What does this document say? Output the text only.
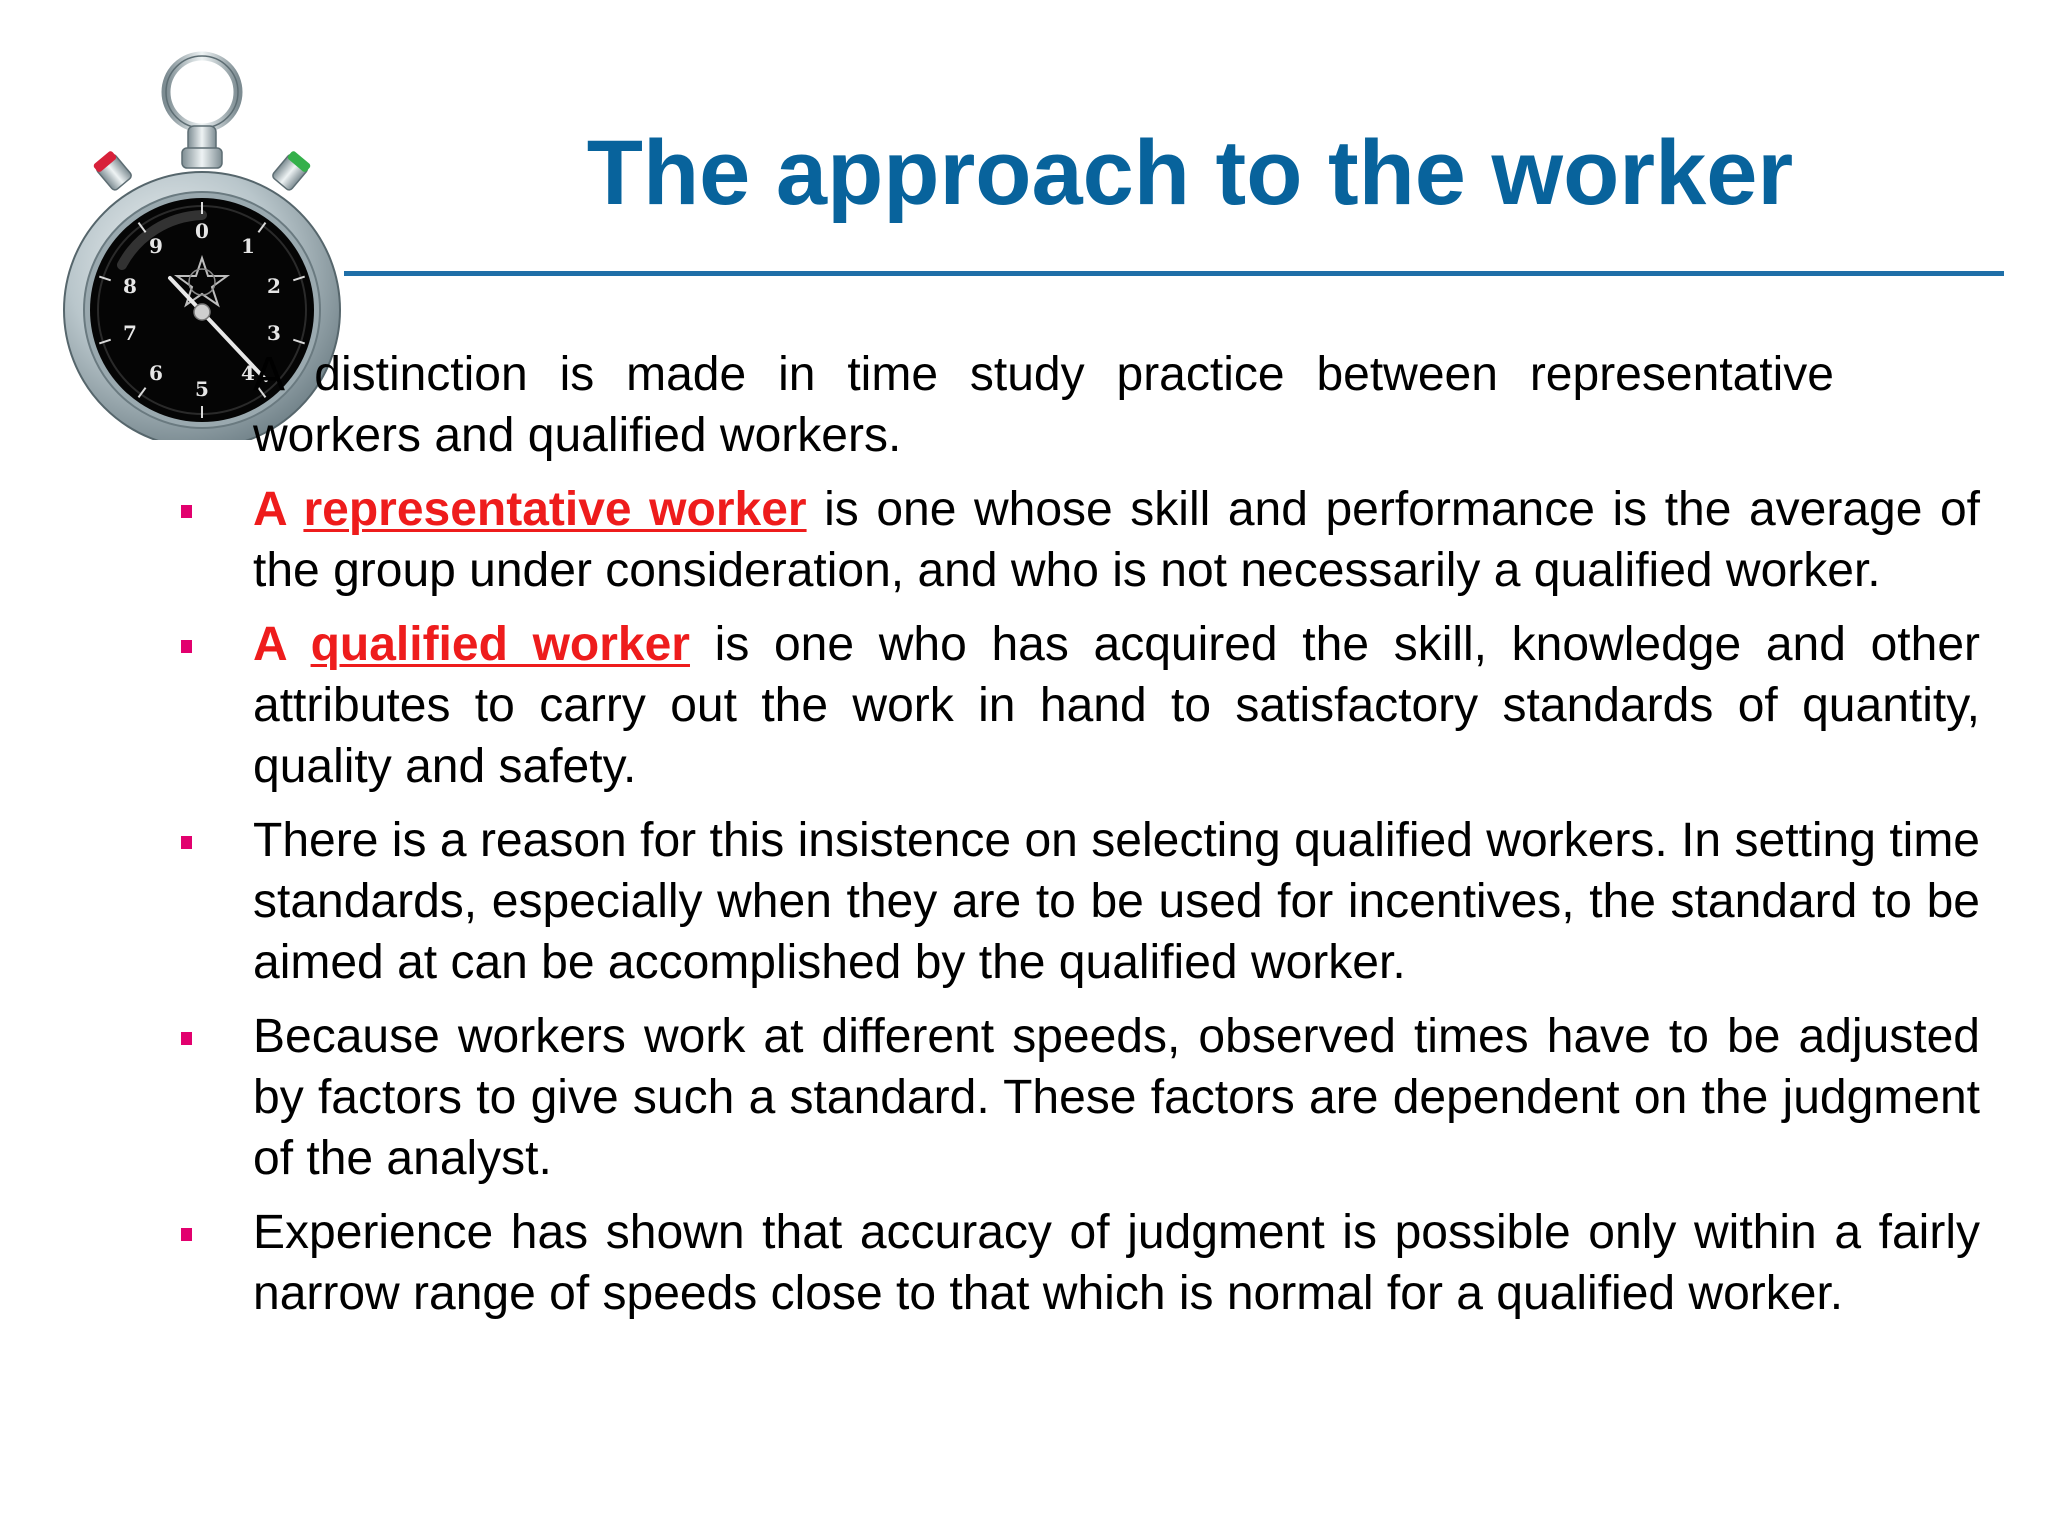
0
1
2
3
4
5
6
7
8
9
The approach to the worker

A distinction is made in time study practice between representative workers and qualified workers.

A representative worker is one whose skill and performance is the average of the group under consideration, and who is not necessarily a qualified worker.
A qualified worker is one who has acquired the skill, knowledge and other attributes to carry out the work in hand to satisfactory standards of quantity, quality and safety.
There is a reason for this insistence on selecting qualified workers. In setting time standards, especially when they are to be used for incentives, the standard to be aimed at can be accomplished by the qualified worker.
Because workers work at different speeds, observed times have to be adjusted by factors to give such a standard. These factors are dependent on the judgment of the analyst.
Experience has shown that accuracy of judgment is possible only within a fairly narrow range of speeds close to that which is normal for a qualified worker.
